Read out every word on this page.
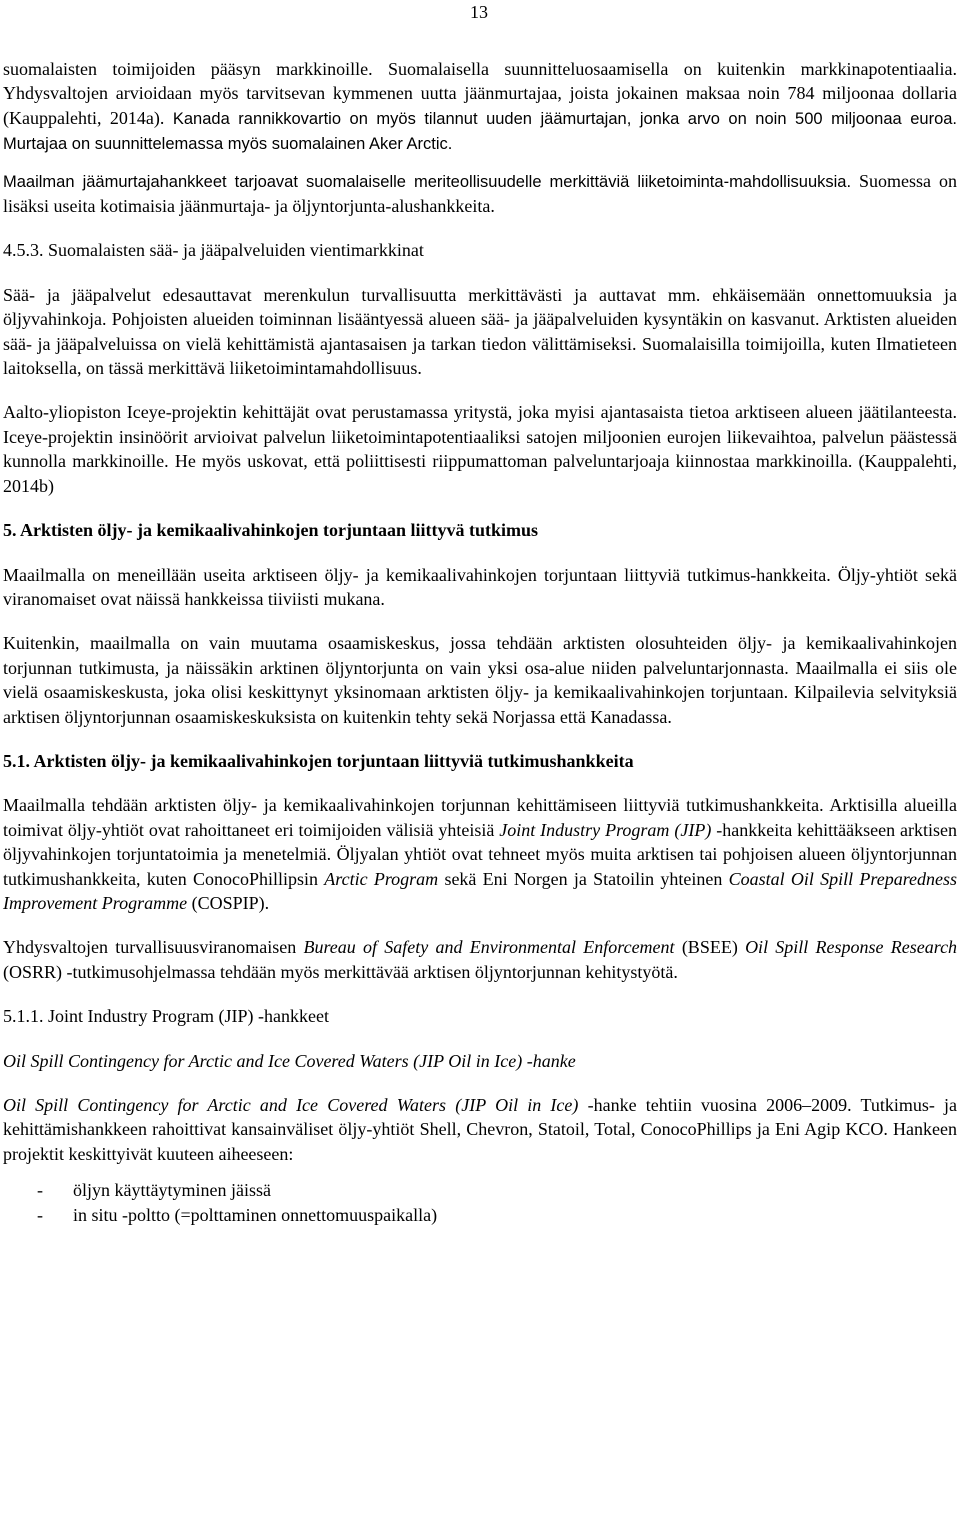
13

suomalaisten toimijoiden pääsyn markkinoille. Suomalaisella suunnitteluosaamisella on kuitenkin markkinapotentiaalia. Yhdysvaltojen arvioidaan myös tarvitsevan kymmenen uutta jäänmurtajaa, joista jokainen maksaa noin 784 miljoonaa dollaria (Kauppalehti, 2014a). Kanada rannikkovartio on myös tilannut uuden jäämurtajan, jonka arvo on noin 500 miljoonaa euroa. Murtajaa on suunnittelemassa myös suomalainen Aker Arctic.

Maailman jäämurtajahankkeet tarjoavat suomalaiselle meriteollisuudelle merkittäviä liiketoiminta-mahdollisuuksia. Suomessa on lisäksi useita kotimaisia jäänmurtaja- ja öljyntorjunta-alushankkeita.

4.5.3. Suomalaisten sää- ja jääpalveluiden vientimarkkinat

Sää- ja jääpalvelut edesauttavat merenkulun turvallisuutta merkittävästi ja auttavat mm. ehkäisemään onnettomuuksia ja öljyvahinkoja. Pohjoisten alueiden toiminnan lisääntyessä alueen sää- ja jääpalveluiden kysyntäkin on kasvanut. Arktisten alueiden sää- ja jääpalveluissa on vielä kehittämistä ajantasaisen ja tarkan tiedon välittämiseksi. Suomalaisilla toimijoilla, kuten Ilmatieteen laitoksella, on tässä merkittävä liiketoimintamahdollisuus.

Aalto-yliopiston Iceye-projektin kehittäjät ovat perustamassa yritystä, joka myisi ajantasaista tietoa arktiseen alueen jäätilanteesta. Iceye-projektin insinöörit arvioivat palvelun liiketoimintapotentiaaliksi satojen miljoonien eurojen liikevaihtoa, palvelun päästessä kunnolla markkinoille. He myös uskovat, että poliittisesti riippumattoman palveluntarjoaja kiinnostaa markkinoilla. (Kauppalehti, 2014b)

5. Arktisten öljy- ja kemikaalivahinkojen torjuntaan liittyvä tutkimus

Maailmalla on meneillään useita arktiseen öljy- ja kemikaalivahinkojen torjuntaan liittyviä tutkimus-hankkeita. Öljy-yhtiöt sekä viranomaiset ovat näissä hankkeissa tiiviisti mukana.

Kuitenkin, maailmalla on vain muutama osaamiskeskus, jossa tehdään arktisten olosuhteiden öljy- ja kemikaalivahinkojen torjunnan tutkimusta, ja näissäkin arktinen öljyntorjunta on vain yksi osa-alue niiden palveluntarjonnasta. Maailmalla ei siis ole vielä osaamiskeskusta, joka olisi keskittynyt yksinomaan arktisten öljy- ja kemikaalivahinkojen torjuntaan. Kilpailevia selvityksiä arktisen öljyntorjunnan osaamiskeskuksista on kuitenkin tehty sekä Norjassa että Kanadassa.

5.1. Arktisten öljy- ja kemikaalivahinkojen torjuntaan liittyviä tutkimushankkeita

Maailmalla tehdään arktisten öljy- ja kemikaalivahinkojen torjunnan kehittämiseen liittyviä tutkimushankkeita. Arktisilla alueilla toimivat öljy-yhtiöt ovat rahoittaneet eri toimijoiden välisiä yhteisiä Joint Industry Program (JIP) -hankkeita kehittääkseen arktisen öljyvahinkojen torjuntatoimia ja menetelmiä. Öljyalan yhtiöt ovat tehneet myös muita arktisen tai pohjoisen alueen öljyntorjunnan tutkimushankkeita, kuten ConocoPhillipsin Arctic Program sekä Eni Norgen ja Statoilin yhteinen Coastal Oil Spill Preparedness Improvement Programme (COSPIP).

Yhdysvaltojen turvallisuusviranomaisen Bureau of Safety and Environmental Enforcement (BSEE) Oil Spill Response Research (OSRR) -tutkimusohjelmassa tehdään myös merkittävää arktisen öljyntorjunnan kehitystyötä.

5.1.1. Joint Industry Program (JIP) -hankkeet

Oil Spill Contingency for Arctic and Ice Covered Waters (JIP Oil in Ice) -hanke

Oil Spill Contingency for Arctic and Ice Covered Waters (JIP Oil in Ice) -hanke tehtiin vuosina 2006–2009. Tutkimus- ja kehittämishankkeen rahoittivat kansainväliset öljy-yhtiöt Shell, Chevron, Statoil, Total, ConocoPhillips ja Eni Agip KCO. Hankeen projektit keskittyivät kuuteen aiheeseen:

-	öljyn käyttäytyminen jäissä
-	in situ -poltto (=polttaminen onnettomuuspaikalla)
